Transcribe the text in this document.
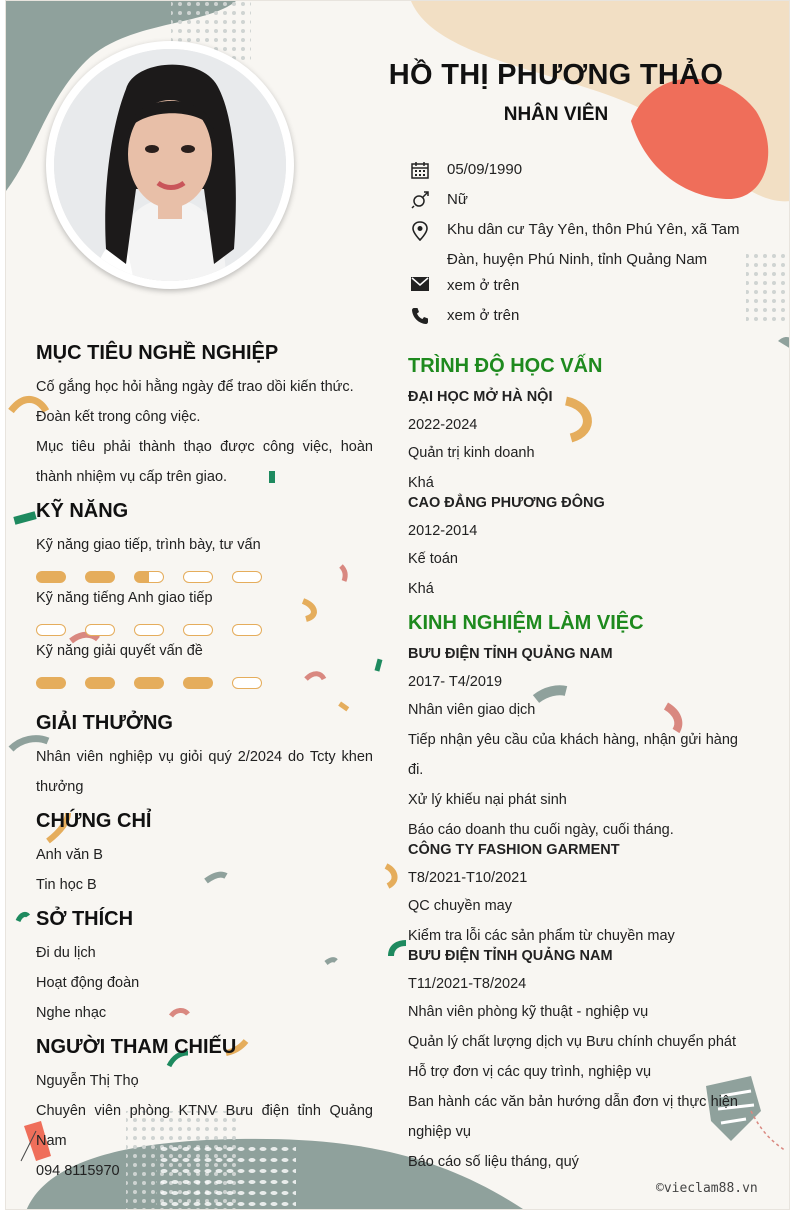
HỒ THỊ PHƯƠNG THẢO
NHÂN VIÊN
05/09/1990
Nữ
Khu dân cư Tây Yên, thôn Phú Yên, xã Tam Đàn, huyện Phú Ninh, tỉnh Quảng Nam
xem ở trên
xem ở trên
MỤC TIÊU NGHỀ NGHIỆP
Cố gắng học hỏi hằng ngày để trao dồi kiến thức.
Đoàn kết trong công việc.
Mục tiêu phải thành thạo được công việc, hoàn thành nhiệm vụ cấp trên giao.
KỸ NĂNG
Kỹ năng giao tiếp, trình bày, tư vấn
Kỹ năng tiếng Anh giao tiếp
Kỹ năng giải quyết vấn đề
GIẢI THƯỞNG
Nhân viên nghiệp vụ giỏi quý 2/2024 do Tcty khen thưởng
CHỨNG CHỈ
Anh văn B
Tin học B
SỞ THÍCH
Đi du lịch
Hoạt động đoàn
Nghe nhạc
NGƯỜI THAM CHIẾU
Nguyễn Thị Thọ
Chuyên viên phòng KTNV Bưu điện tỉnh Quảng Nam
094 8115970
TRÌNH ĐỘ HỌC VẤN
ĐẠI HỌC MỞ HÀ NỘI
2022-2024
Quản trị kinh doanh
Khá
CAO ĐẲNG PHƯƠNG ĐÔNG
2012-2014
Kế toán
Khá
KINH NGHIỆM LÀM VIỆC
BƯU ĐIỆN TỈNH QUẢNG NAM
2017- T4/2019
Nhân viên giao dịch
Tiếp nhận yêu cầu của khách hàng, nhận gửi hàng đi.
Xử lý khiếu nại phát sinh
Báo cáo doanh thu cuối ngày, cuối tháng.
CÔNG TY FASHION GARMENT
T8/2021-T10/2021
QC chuyền may
Kiểm tra lỗi các sản phẩm từ chuyền may
BƯU ĐIỆN TỈNH QUẢNG NAM
T11/2021-T8/2024
Nhân viên phòng kỹ thuật - nghiệp vụ
Quản lý chất lượng dịch vụ Bưu chính chuyển phát
Hỗ trợ đơn vị các quy trình, nghiệp vụ
Ban hành các văn bản hướng dẫn đơn vị thực hiện nghiệp vụ
Báo cáo số liệu tháng, quý
©vieclam88.vn
